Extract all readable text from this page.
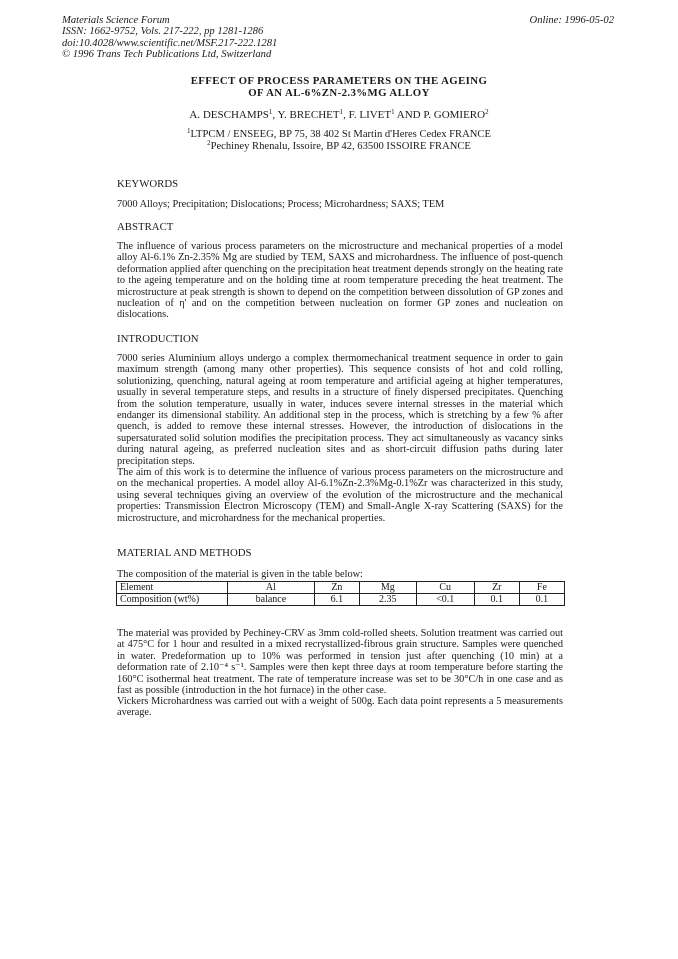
Materials Science Forum
ISSN: 1662-9752, Vols. 217-222, pp 1281-1286
doi:10.4028/www.scientific.net/MSF.217-222.1281
© 1996 Trans Tech Publications Ltd, Switzerland
Online: 1996-05-02
EFFECT OF PROCESS PARAMETERS ON THE AGEING
OF AN AL-6%ZN-2.3%MG ALLOY
A. DESCHAMPS$^1$, Y. BRECHET$^1$, F. LIVET$^1$ AND P. GOMIERO$^2$
$^1$LTPCM / ENSEEG, BP 75, 38 402 St Martin d'Heres Cedex FRANCE
$^2$Pechiney Rhenalu, Issoire, BP 42, 63500 ISSOIRE FRANCE
KEYWORDS
7000 Alloys; Precipitation; Dislocations; Process; Microhardness; SAXS; TEM
ABSTRACT
The influence of various process parameters on the microstructure and mechanical properties of a model alloy Al-6.1% Zn-2.35% Mg are studied by TEM, SAXS and microhardness. The influence of post-quench deformation applied after quenching on the precipitation heat treatment depends strongly on the heating rate to the ageing temperature and on the holding time at room temperature preceding the heat treatment. The microstructure at peak strength is shown to depend on the competition between dissolution of GP zones and nucleation of η' and on the competition between nucleation on former GP zones and nucleation on dislocations.
INTRODUCTION
7000 series Aluminium alloys undergo a complex thermomechanical treatment sequence in order to gain maximum strength (among many other properties). This sequence consists of hot and cold rolling, solutionizing, quenching, natural ageing at room temperature and artificial ageing at higher temperatures, usually in several temperature steps, and results in a structure of finely dispersed precipitates. Quenching from the solution temperature, usually in water, induces severe internal stresses in the material which endanger its dimensional stability. An additional step in the process, which is stretching by a few % after quench, is added to remove these internal stresses. However, the introduction of dislocations in the supersaturated solid solution modifies the precipitation process. They act simultaneously as vacancy sinks during natural ageing, as preferred nucleation sites and as short-circuit diffusion paths during later precipitation steps.
The aim of this work is to determine the influence of various process parameters on the microstructure and on the mechanical properties. A model alloy Al-6.1%Zn-2.3%Mg-0.1%Zr was characterized in this study, using several techniques giving an overview of the evolution of the microstructure and the mechanical properties: Transmission Electron Microscopy (TEM) and Small-Angle X-ray Scattering (SAXS) for the microstructure, and microhardness for the mechanical properties.
MATERIAL AND METHODS
The composition of the material is given in the table below:
Element	Al	Zn	Mg	Cu	Zr	Fe
Composition (wt%)	balance	6.1	2.35	<0.1	0.1	0.1
The material was provided by Pechiney-CRV as 3mm cold-rolled sheets. Solution treatment was carried out at 475°C for 1 hour and resulted in a mixed recrystallized-fibrous grain structure. Samples were quenched in water. Predeformation up to 10% was performed in tension just after quenching (10 min) at a deformation rate of 2.10⁻⁴ s⁻¹. Samples were then kept three days at room temperature before starting the 160°C isothermal heat treatment. The rate of temperature increase was set to be 30°C/h in one case and as fast as possible (introduction in the hot furnace) in the other case.
Vickers Microhardness was carried out with a weight of 500g. Each data point represents a 5 measurements average.
